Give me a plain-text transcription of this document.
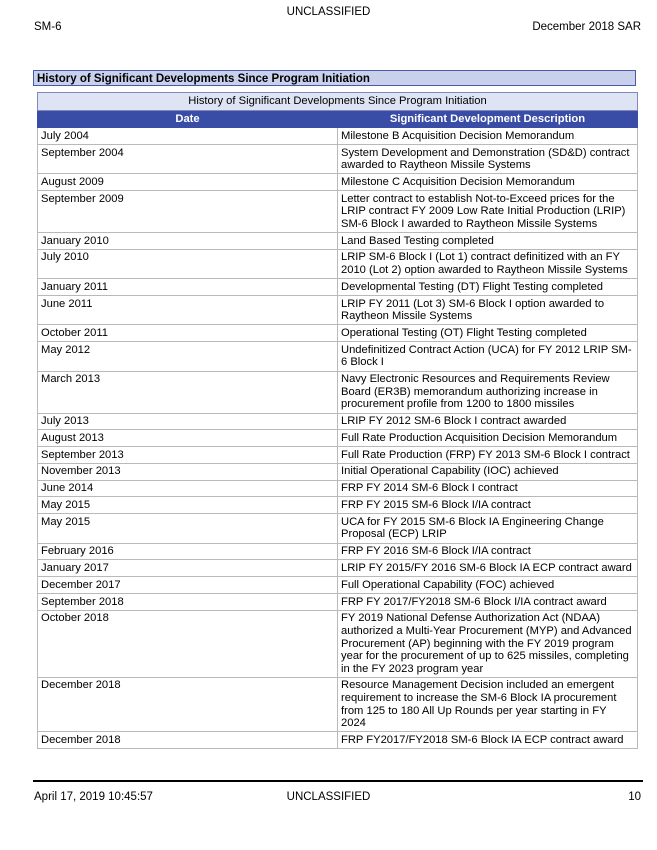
UNCLASSIFIED
SM-6	December 2018 SAR
History of Significant Developments Since Program Initiation
History of Significant Developments Since Program Initiation	
Date	Significant Development Description
July 2004	Milestone B Acquisition Decision Memorandum
September 2004	System Development and Demonstration (SD&D) contract awarded to Raytheon Missile Systems
August 2009	Milestone C Acquisition Decision Memorandum
September 2009	Letter contract to establish Not-to-Exceed prices for the LRIP contract FY 2009 Low Rate Initial Production (LRIP) SM-6 Block I awarded to Raytheon Missile Systems
January 2010	Land Based Testing completed
July 2010	LRIP SM-6 Block I (Lot 1) contract definitized with an FY 2010 (Lot 2) option awarded to Raytheon Missile Systems
January 2011	Developmental Testing (DT) Flight Testing completed
June 2011	LRIP FY 2011 (Lot 3) SM-6 Block I option awarded to Raytheon Missile Systems
October 2011	Operational Testing (OT) Flight Testing completed
May 2012	Undefinitized Contract Action (UCA) for FY 2012 LRIP SM-6 Block I
March 2013	Navy Electronic Resources and Requirements Review Board (ER3B) memorandum authorizing increase in procurement profile from 1200 to 1800 missiles
July 2013	LRIP FY 2012 SM-6 Block I contract awarded
August 2013	Full Rate Production Acquisition Decision Memorandum
September 2013	Full Rate Production (FRP) FY 2013 SM-6 Block I contract
November 2013	Initial Operational Capability (IOC) achieved
June 2014	FRP FY 2014 SM-6 Block I contract
May 2015	FRP FY 2015 SM-6 Block I/IA contract
May 2015	UCA for FY 2015 SM-6 Block IA Engineering Change Proposal (ECP) LRIP
February 2016	FRP FY 2016 SM-6 Block I/IA contract
January 2017	LRIP FY 2015/FY 2016 SM-6 Block IA ECP contract award
December 2017	Full Operational Capability (FOC) achieved
September 2018	FRP FY 2017/FY2018 SM-6 Block I/IA contract award
October 2018	FY 2019 National Defense Authorization Act (NDAA) authorized a Multi-Year Procurement (MYP) and Advanced Procurement (AP) beginning with the FY 2019 program year for the procurement of up to 625 missiles, completing in the FY 2023 program year
December 2018	Resource Management Decision included an emergent requirement to increase the SM-6 Block IA procurement from 125 to 180 All Up Rounds per year starting in FY 2024
December 2018	FRP FY2017/FY2018 SM-6 Block IA ECP contract award
April 17, 2019 10:45:57	UNCLASSIFIED	10
